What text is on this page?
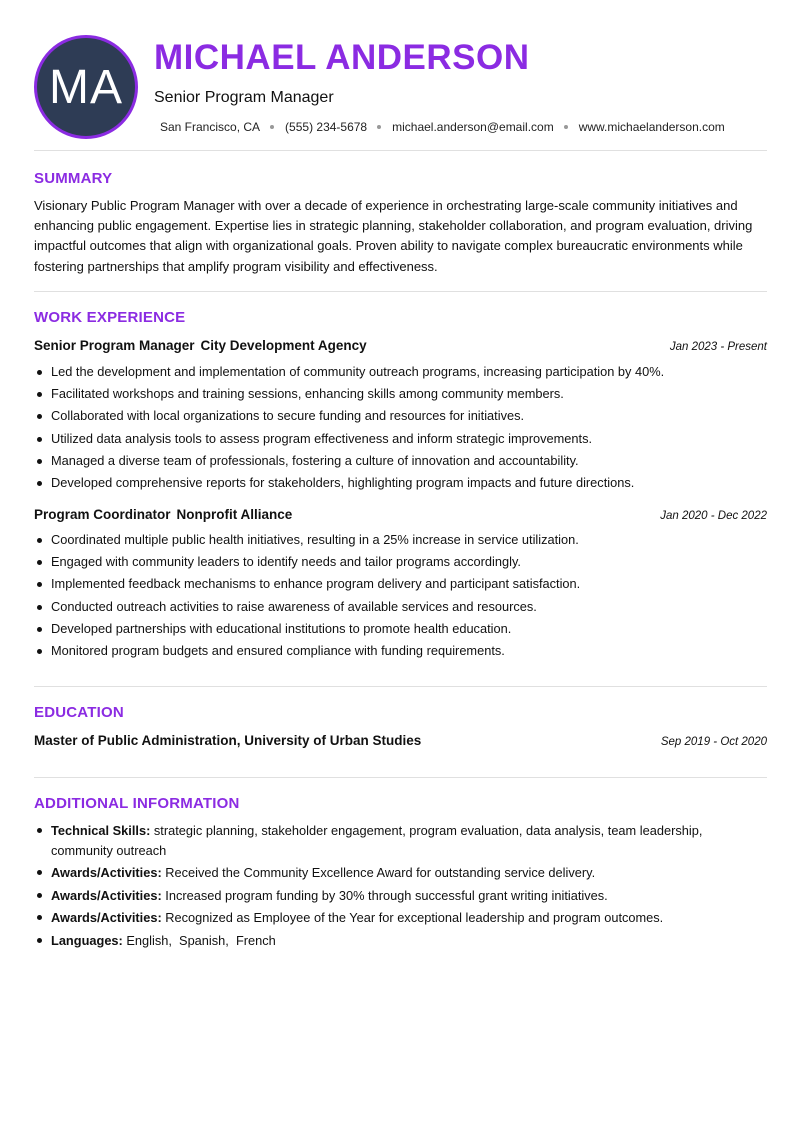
MA
MICHAEL ANDERSON
Senior Program Manager
San Francisco, CA (555) 234-5678 michael.anderson@email.com www.michaelanderson.com
SUMMARY
Visionary Public Program Manager with over a decade of experience in orchestrating large-scale community initiatives and enhancing public engagement. Expertise lies in strategic planning, stakeholder collaboration, and program evaluation, driving impactful outcomes that align with organizational goals. Proven ability to navigate complex bureaucratic environments while fostering partnerships that amplify program visibility and effectiveness.
WORK EXPERIENCE
Senior Program Manager City Development Agency	Jan 2023 - Present
Led the development and implementation of community outreach programs, increasing participation by 40%.
Facilitated workshops and training sessions, enhancing skills among community members.
Collaborated with local organizations to secure funding and resources for initiatives.
Utilized data analysis tools to assess program effectiveness and inform strategic improvements.
Managed a diverse team of professionals, fostering a culture of innovation and accountability.
Developed comprehensive reports for stakeholders, highlighting program impacts and future directions.
Program Coordinator Nonprofit Alliance	Jan 2020 - Dec 2022
Coordinated multiple public health initiatives, resulting in a 25% increase in service utilization.
Engaged with community leaders to identify needs and tailor programs accordingly.
Implemented feedback mechanisms to enhance program delivery and participant satisfaction.
Conducted outreach activities to raise awareness of available services and resources.
Developed partnerships with educational institutions to promote health education.
Monitored program budgets and ensured compliance with funding requirements.
EDUCATION
Master of Public Administration, University of Urban Studies	Sep 2019 - Oct 2020
ADDITIONAL INFORMATION
Technical Skills: strategic planning, stakeholder engagement, program evaluation, data analysis, team leadership, community outreach
Awards/Activities: Received the Community Excellence Award for outstanding service delivery.
Awards/Activities: Increased program funding by 30% through successful grant writing initiatives.
Awards/Activities: Recognized as Employee of the Year for exceptional leadership and program outcomes.
Languages: English,  Spanish,  French
